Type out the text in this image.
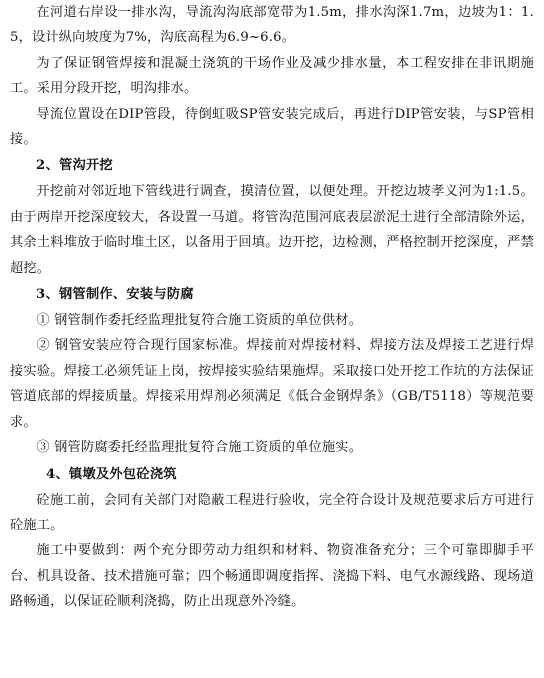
在河道右岸设一排水沟，导流沟沟底部宽带为1.5m，排水沟深1.7m，边坡为1：1.5，设计纵向坡度为7%，沟底高程为6.9~6.6。

为了保证钢管焊接和混凝土浇筑的干场作业及减少排水量，本工程安排在非讯期施工。采用分段开挖，明沟排水。

导流位置设在DIP管段，待倒虹吸SP管安装完成后，再进行DIP管安装，与SP管相接。

2、管沟开挖

开挖前对邻近地下管线进行调查，摸清位置，以便处理。开挖边坡孝义河为1:1.5。由于两岸开挖深度较大，各设置一马道。将管沟范围河底表层淤泥土进行全部清除外运，其余土料堆放于临时堆土区，以备用于回填。边开挖，边检测，严格控制开挖深度，严禁超挖。

3、钢管制作、安装与防腐

① 钢管制作委托经监理批复符合施工资质的单位供材。

② 钢管安装应符合现行国家标准。焊接前对焊接材料、焊接方法及焊接工艺进行焊接实验。焊接工必须凭证上岗，按焊接实验结果施焊。采取接口处开挖工作坑的方法保证管道底部的焊接质量。焊接采用焊剂必须满足《低合金钢焊条》（GB/T5118）等规范要求。

③ 钢管防腐委托经监理批复符合施工资质的单位施实。

4、镇墩及外包砼浇筑

砼施工前，会同有关部门对隐蔽工程进行验收，完全符合设计及规范要求后方可进行砼施工。

施工中要做到：两个充分即劳动力组织和材料、物资准备充分；三个可靠即脚手平台、机具设备、技术措施可靠；四个畅通即调度指挥、浇捣下料、电气水源线路、现场道路畅通，以保证砼顺利浇捣，防止出现意外冷缝。
